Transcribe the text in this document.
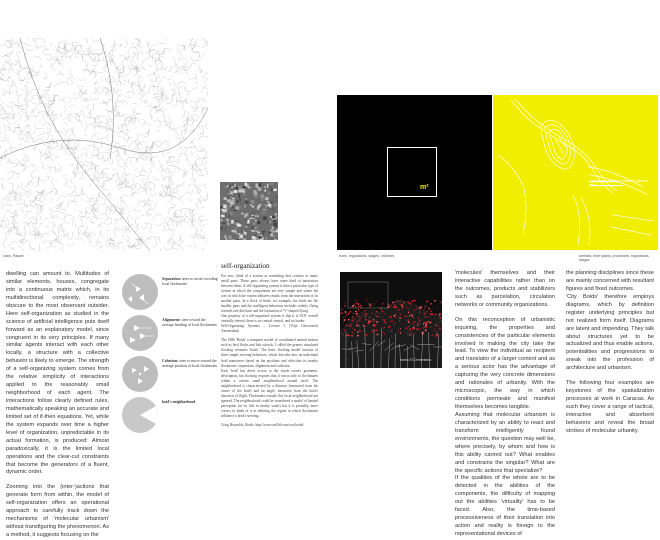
cairo, Palace
m²
boris, regulations, stages, volumes
controlled extension / planned adjacent area
amhara, time spans, processes, regulations, stages
dwelling can amount to. Multitudes of similar elements, houses, congregate into a continuous matrix which, in its multidirectional complexity, remains obscure to the most observant outsider. Here self-organization as studied in the science of artificial intelligence puts itself forward as an explanatory model, since congruent in its very principles. If many similar agents interact with each other locally, a structure with a collective behavior is likely to emerge. The strength of a self-organizing system comes from the relative simplicity of interactions applied to the reasonably small neighborhood of each agent. The interactions follow clearly defined rules, mathematically speaking an accurate and limited set of if-then equations. Yet, while the system expands over time a higher level of organization, unpredictable in its actual formation, is produced: Almost paradoxically, it is the limited local operations and the clear-cut constraints that become the generators of a fluent, dynamic order.
Zooming into the (inter-)actions that generate form from within, the model of self-organization offers an operational approach to carefully track down the mechanisms of 'molecular urbanism' without transfiguring the phenomenon. As a method, it suggests focusing on the
Separation: steer to avoid crowding local flockmates
Alignment: steer toward the average heading of local flockmates
Cohesion: steer to move toward the average position of local flockmates
boid's neighborhood
self-organization
For now, think of a system as something that consists of many small parts. These parts always have some kind of interaction between them. A self-organizing system is then a particular type of system in which the components are very simple and where the way in which the system behaves results from the interaction of its smaller parts. In a flock of birds, for example, the birds are the smaller parts and the intelligent behaviour includes orderly flying towards one direction and the formation of 'V'-shaped flying.
One property of a self-organized system is that it is NOT overall centrally steered, there is no central control, and no leader.
Self-Organizing Systems – Lecture 1 (Vrije Universiteit Amsterdam)
The 1986 'Boids' a computer model of coordinated animal motion such as bird flocks and fish schools. I called the generic simulated flocking creatures 'boids'. The basic flocking model consists of three simple steering behaviors, which describe how an individual boid maneuvers based on the positions and velocities its nearby flockmates: separation, alignment and cohesion.
Each 'boid' has direct access to the whole scene's geometric description, but flocking requires that it reacts only to flockmates within a certain small neighborhood around itself. The neighborhood is characterized by a distance (measured from the center of the boid) and an angle, measured from the boid's direction of flight. Flockmates outside this local neighborhood are ignored. The neighborhood could be considered a model of limited perception (as by fish in murky water) but it is probably more correct to think of it as defining the region in which flockmates influence a boid's steering.
Craig Reynolds, Boids, http://www.red3d.com/cwr/boids/
barrio El Cementerio
'molecules' themselves and their interactive capabilities rather than on the outcomes, products and stabilizers such as parcelation, circulation networks or community organizations.
On this reconception of urbanistic inquiring, the properties and consistencies of the particular elements involved in making the city take the lead. To view the individual as recipient and translator of a larger context and as a serious actor has the advantage of capturing the very concrete dimensions and rationales of urbanity. With the microscopic, the way in which conditions permeate and manifest themselves becomes tangible.
Assuming that molecular urbanism is characterized by an ability to react and transform intelligently found environments, the question may well be, where precisely, by whom and how is this ability carried out? What enables and constrains the singular? What are the specific actions that specialize?
If the qualities of the whole are to be detected in the abilities of the components, the difficulty of mapping out the abilities 'virtuality' has to be faced. Also, the time-based processiveness of their translation into action and reality is foreign to the representational devices of
the planning disciplines since these are mainly concerned with resultant figures and fixed outcomes.
'City Boids' therefore employs diagrams, which by definition register underlying principles but not realized form itself. Diagrams are latent and impending. They talk about structures yet to be actualized and thus enable actions, potentialities and progressions to sneak into the profession of architecture and urbanism.
The following four examples are keystones of the spatialization processes at work in Caracas. As such they cover a range of tactical, interactive and absorbent behaviors and reveal the broad strokes of molecular urbanity.
